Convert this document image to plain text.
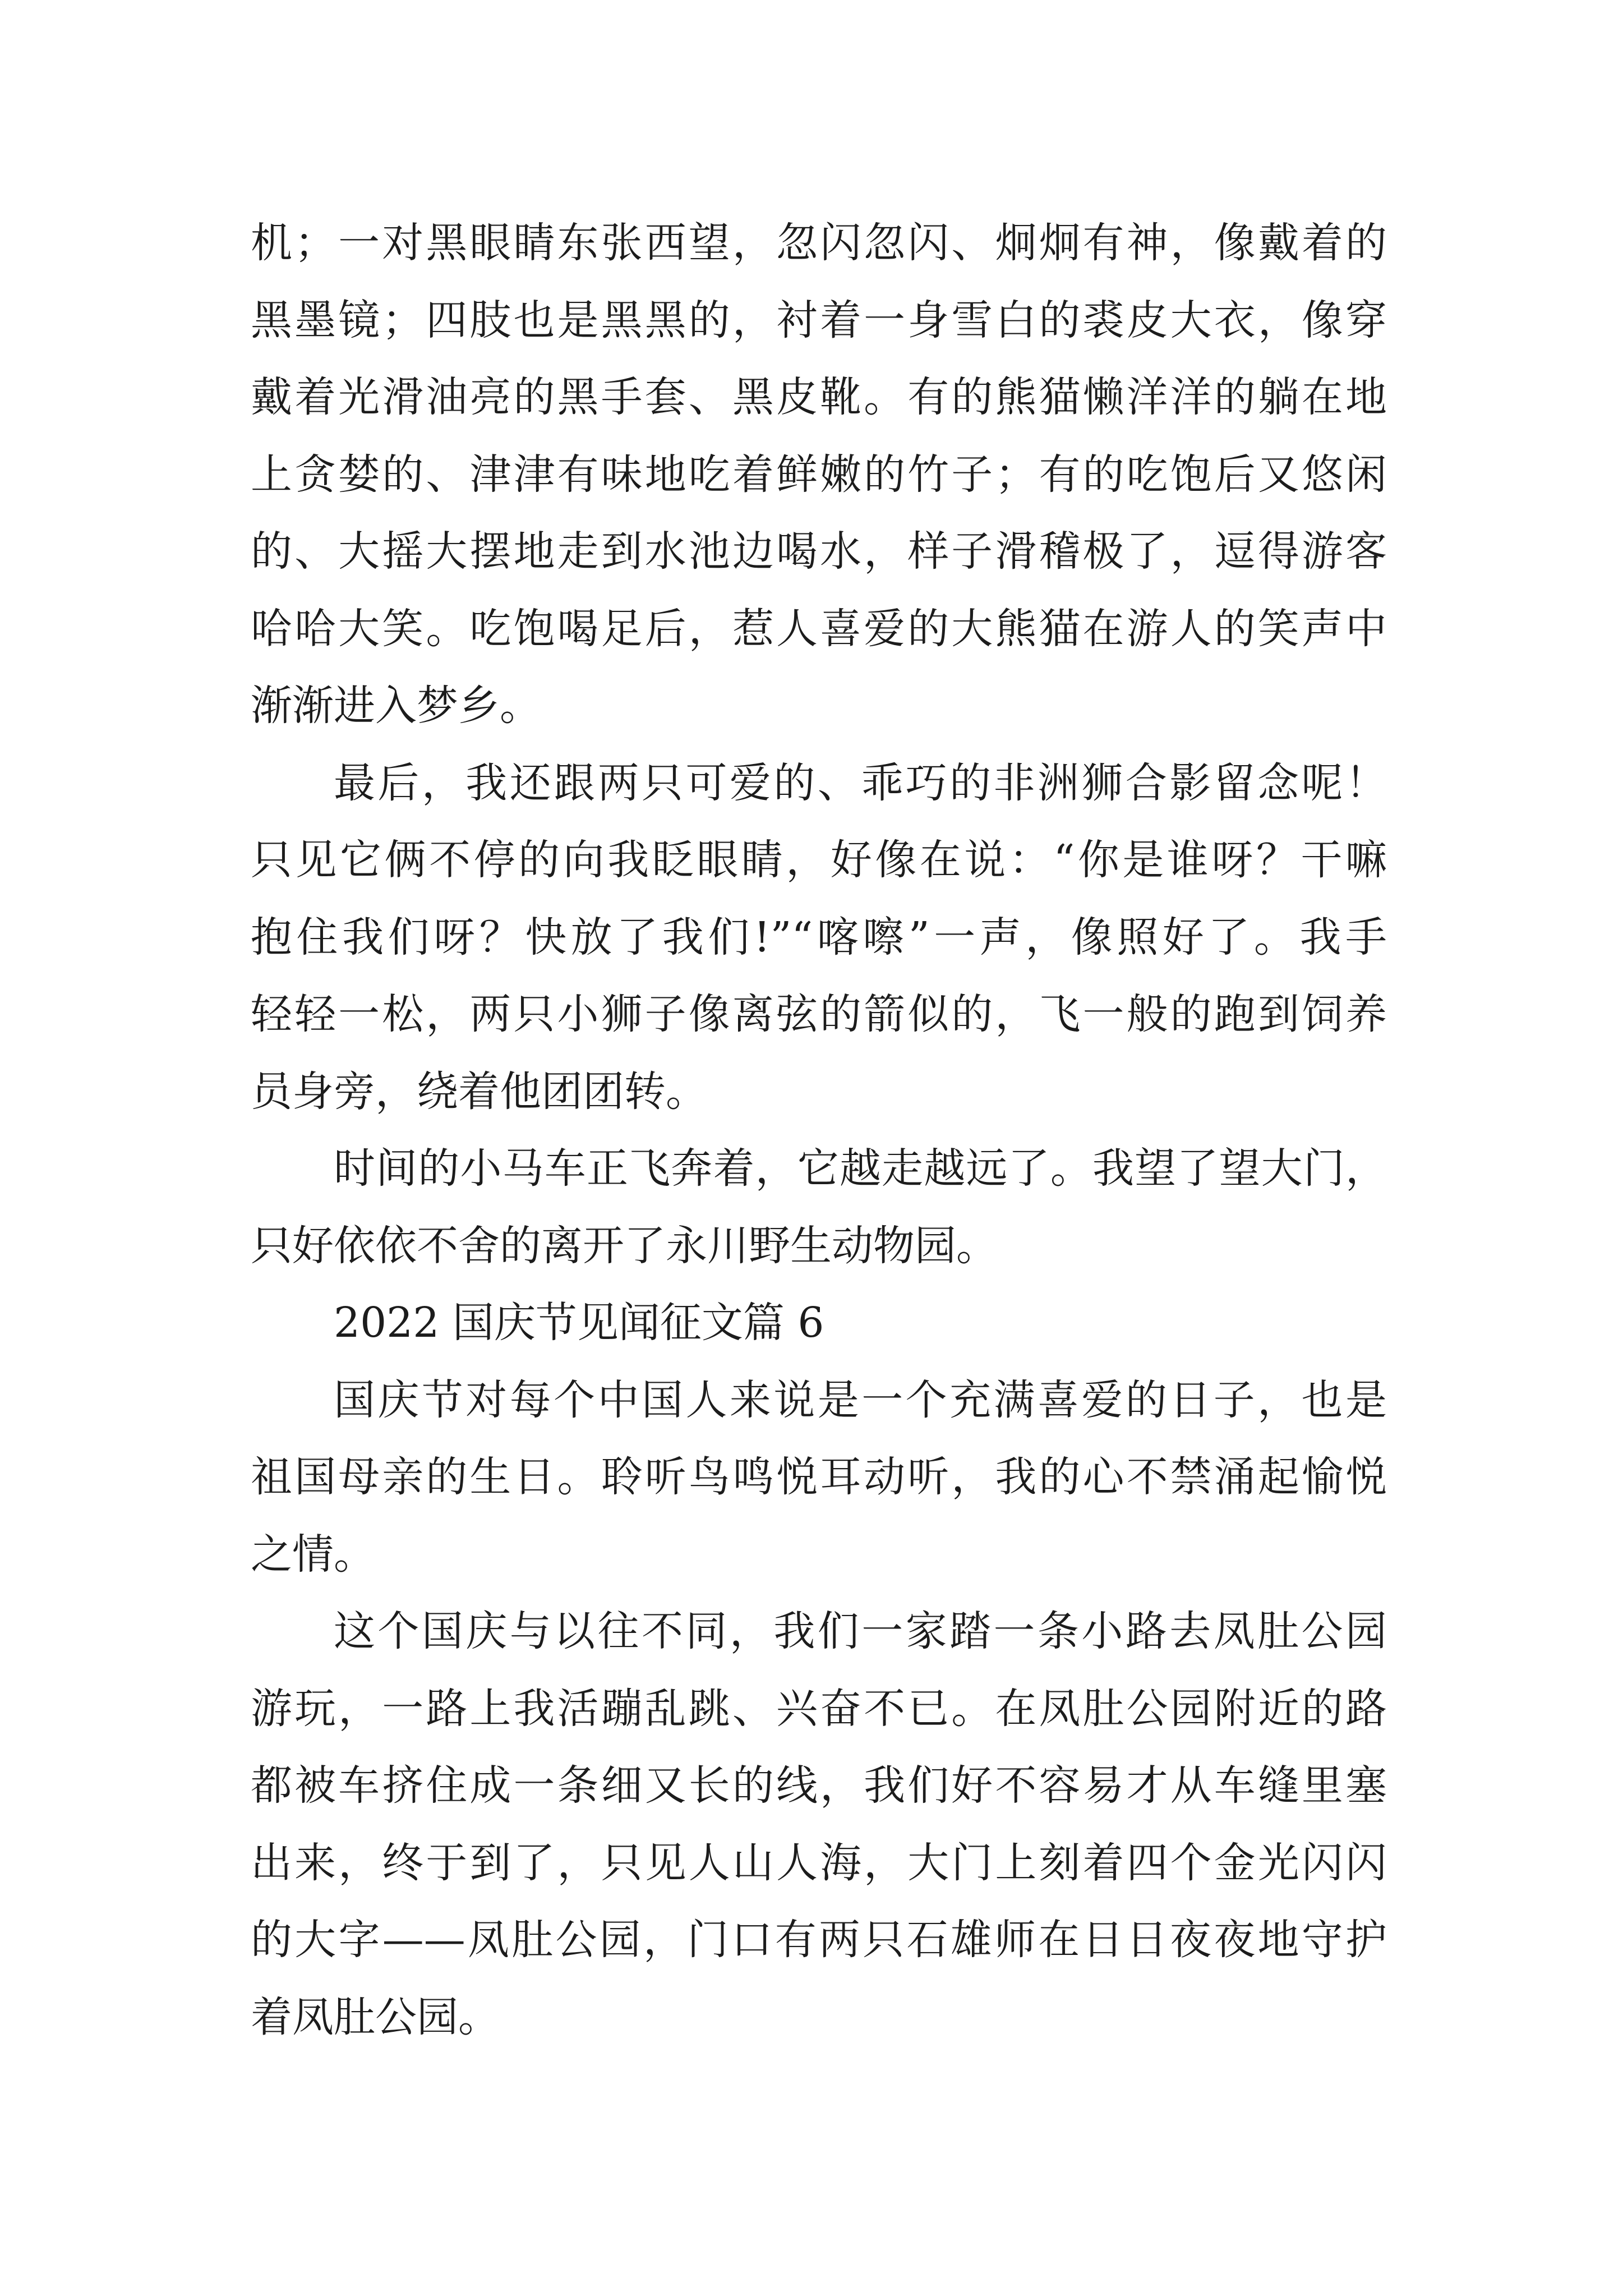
机；一对黑眼睛东张西望，忽闪忽闪、炯炯有神，像戴着的
黑墨镜；四肢也是黑黑的，衬着一身雪白的裘皮大衣，像穿
戴着光滑油亮的黑手套、黑皮靴。有的熊猫懒洋洋的躺在地
上贪婪的、津津有味地吃着鲜嫩的竹子；有的吃饱后又悠闲
的、大摇大摆地走到水池边喝水，样子滑稽极了，逗得游客
哈哈大笑。吃饱喝足后，惹人喜爱的大熊猫在游人的笑声中
渐渐进入梦乡。
最后，我还跟两只可爱的、乖巧的非洲狮合影留念呢！
只见它俩不停的向我眨眼睛，好像在说：“你是谁呀？干嘛
抱住我们呀？快放了我们!”“喀嚓”一声，像照好了。我手
轻轻一松，两只小狮子像离弦的箭似的，飞一般的跑到饲养
员身旁，绕着他团团转。
时间的小马车正飞奔着，它越走越远了。我望了望大门，
只好依依不舍的离开了永川野生动物园。
2022 国庆节见闻征文篇 6
国庆节对每个中国人来说是一个充满喜爱的日子，也是
祖国母亲的生日。聆听鸟鸣悦耳动听，我的心不禁涌起愉悦
之情。
这个国庆与以往不同，我们一家踏一条小路去凤肚公园
游玩，一路上我活蹦乱跳、兴奋不已。在凤肚公园附近的路
都被车挤住成一条细又长的线，我们好不容易才从车缝里塞
出来，终于到了，只见人山人海，大门上刻着四个金光闪闪
的大字——凤肚公园，门口有两只石雄师在日日夜夜地守护
着凤肚公园。
